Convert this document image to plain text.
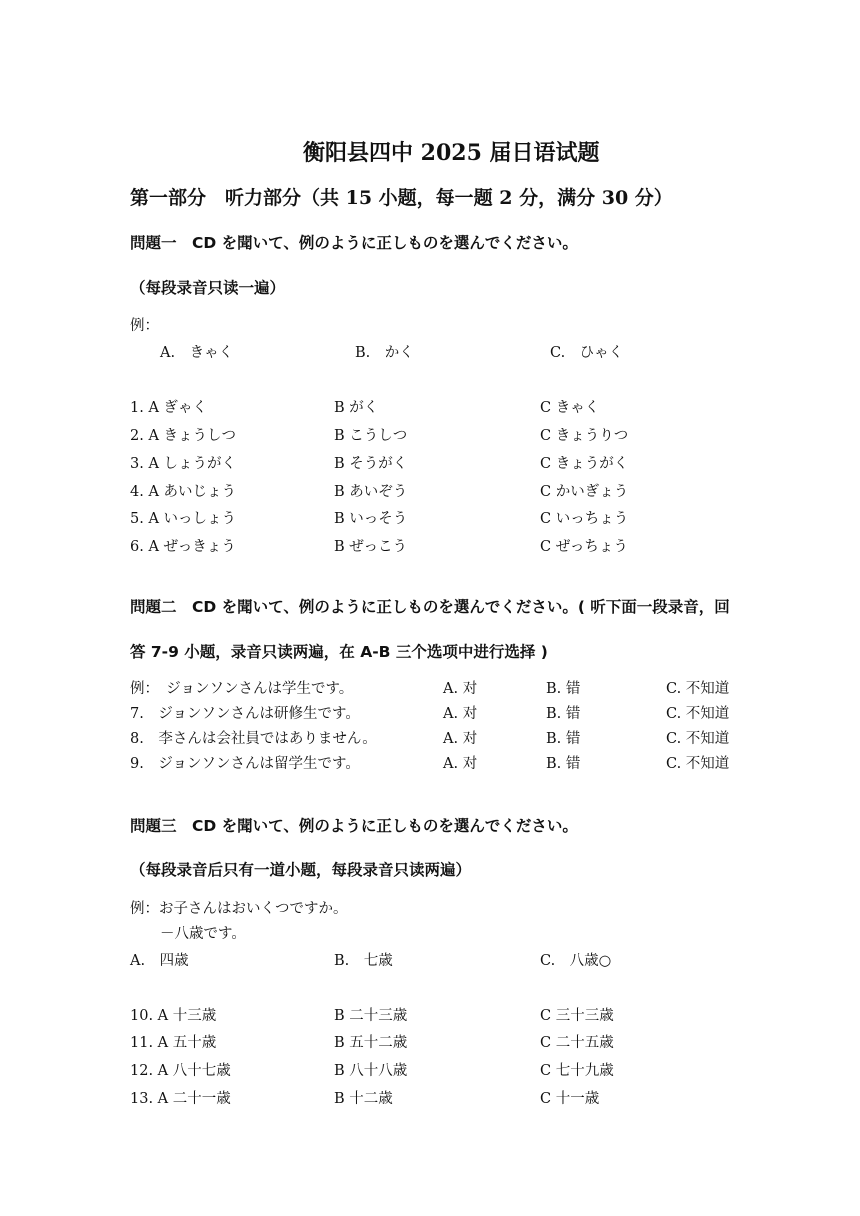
衡阳县四中 2025 届日语试题
第一部分　听力部分（共 15 小题，每一题 2 分，满分 30 分）
問題一　CD を聞いて、例のように正しものを選んでください。
（每段录音只读一遍）
例：
A.　きゃく	B.　かく	C.　ひゃく
1. A ぎゃく	B がく	C きゃく
2. A きょうしつ	B こうしつ	C きょうりつ
3. A しょうがく	B そうがく	C きょうがく
4. A あいじょう	B あいぞう	C かいぎょう
5. A いっしょう	B いっそう	C いっちょう
6. A ぜっきょう	B ぜっこう	C ぜっちょう
問題二　CD を聞いて、例のように正しものを選んでください。( 听下面一段录音，回
答 7-9 小题，录音只读两遍，在 A-B 三个选项中进行选择 )
例：　ジョンソンさんは学生です。	A. 对	B. 错	C. 不知道
7.　ジョンソンさんは研修生です。	A. 对	B. 错	C. 不知道
8.　李さんは会社員ではありません。	A. 对	B. 错	C. 不知道
9.　ジョンソンさんは留学生です。	A. 对	B. 错	C. 不知道
問題三　CD を聞いて、例のように正しものを選んでください。
（每段录音后只有一道小题，每段录音只读两遍）
例：お子さんはおいくつですか。
－八歳です。
A.　四歳	B.　七歳	C.　八歳○
10. A 十三歳	B 二十三歳	C 三十三歳
11. A 五十歳	B 五十二歳	C 二十五歳
12. A 八十七歳	B 八十八歳	C 七十九歳
13. A 二十一歳	B 十二歳	C 十一歳
